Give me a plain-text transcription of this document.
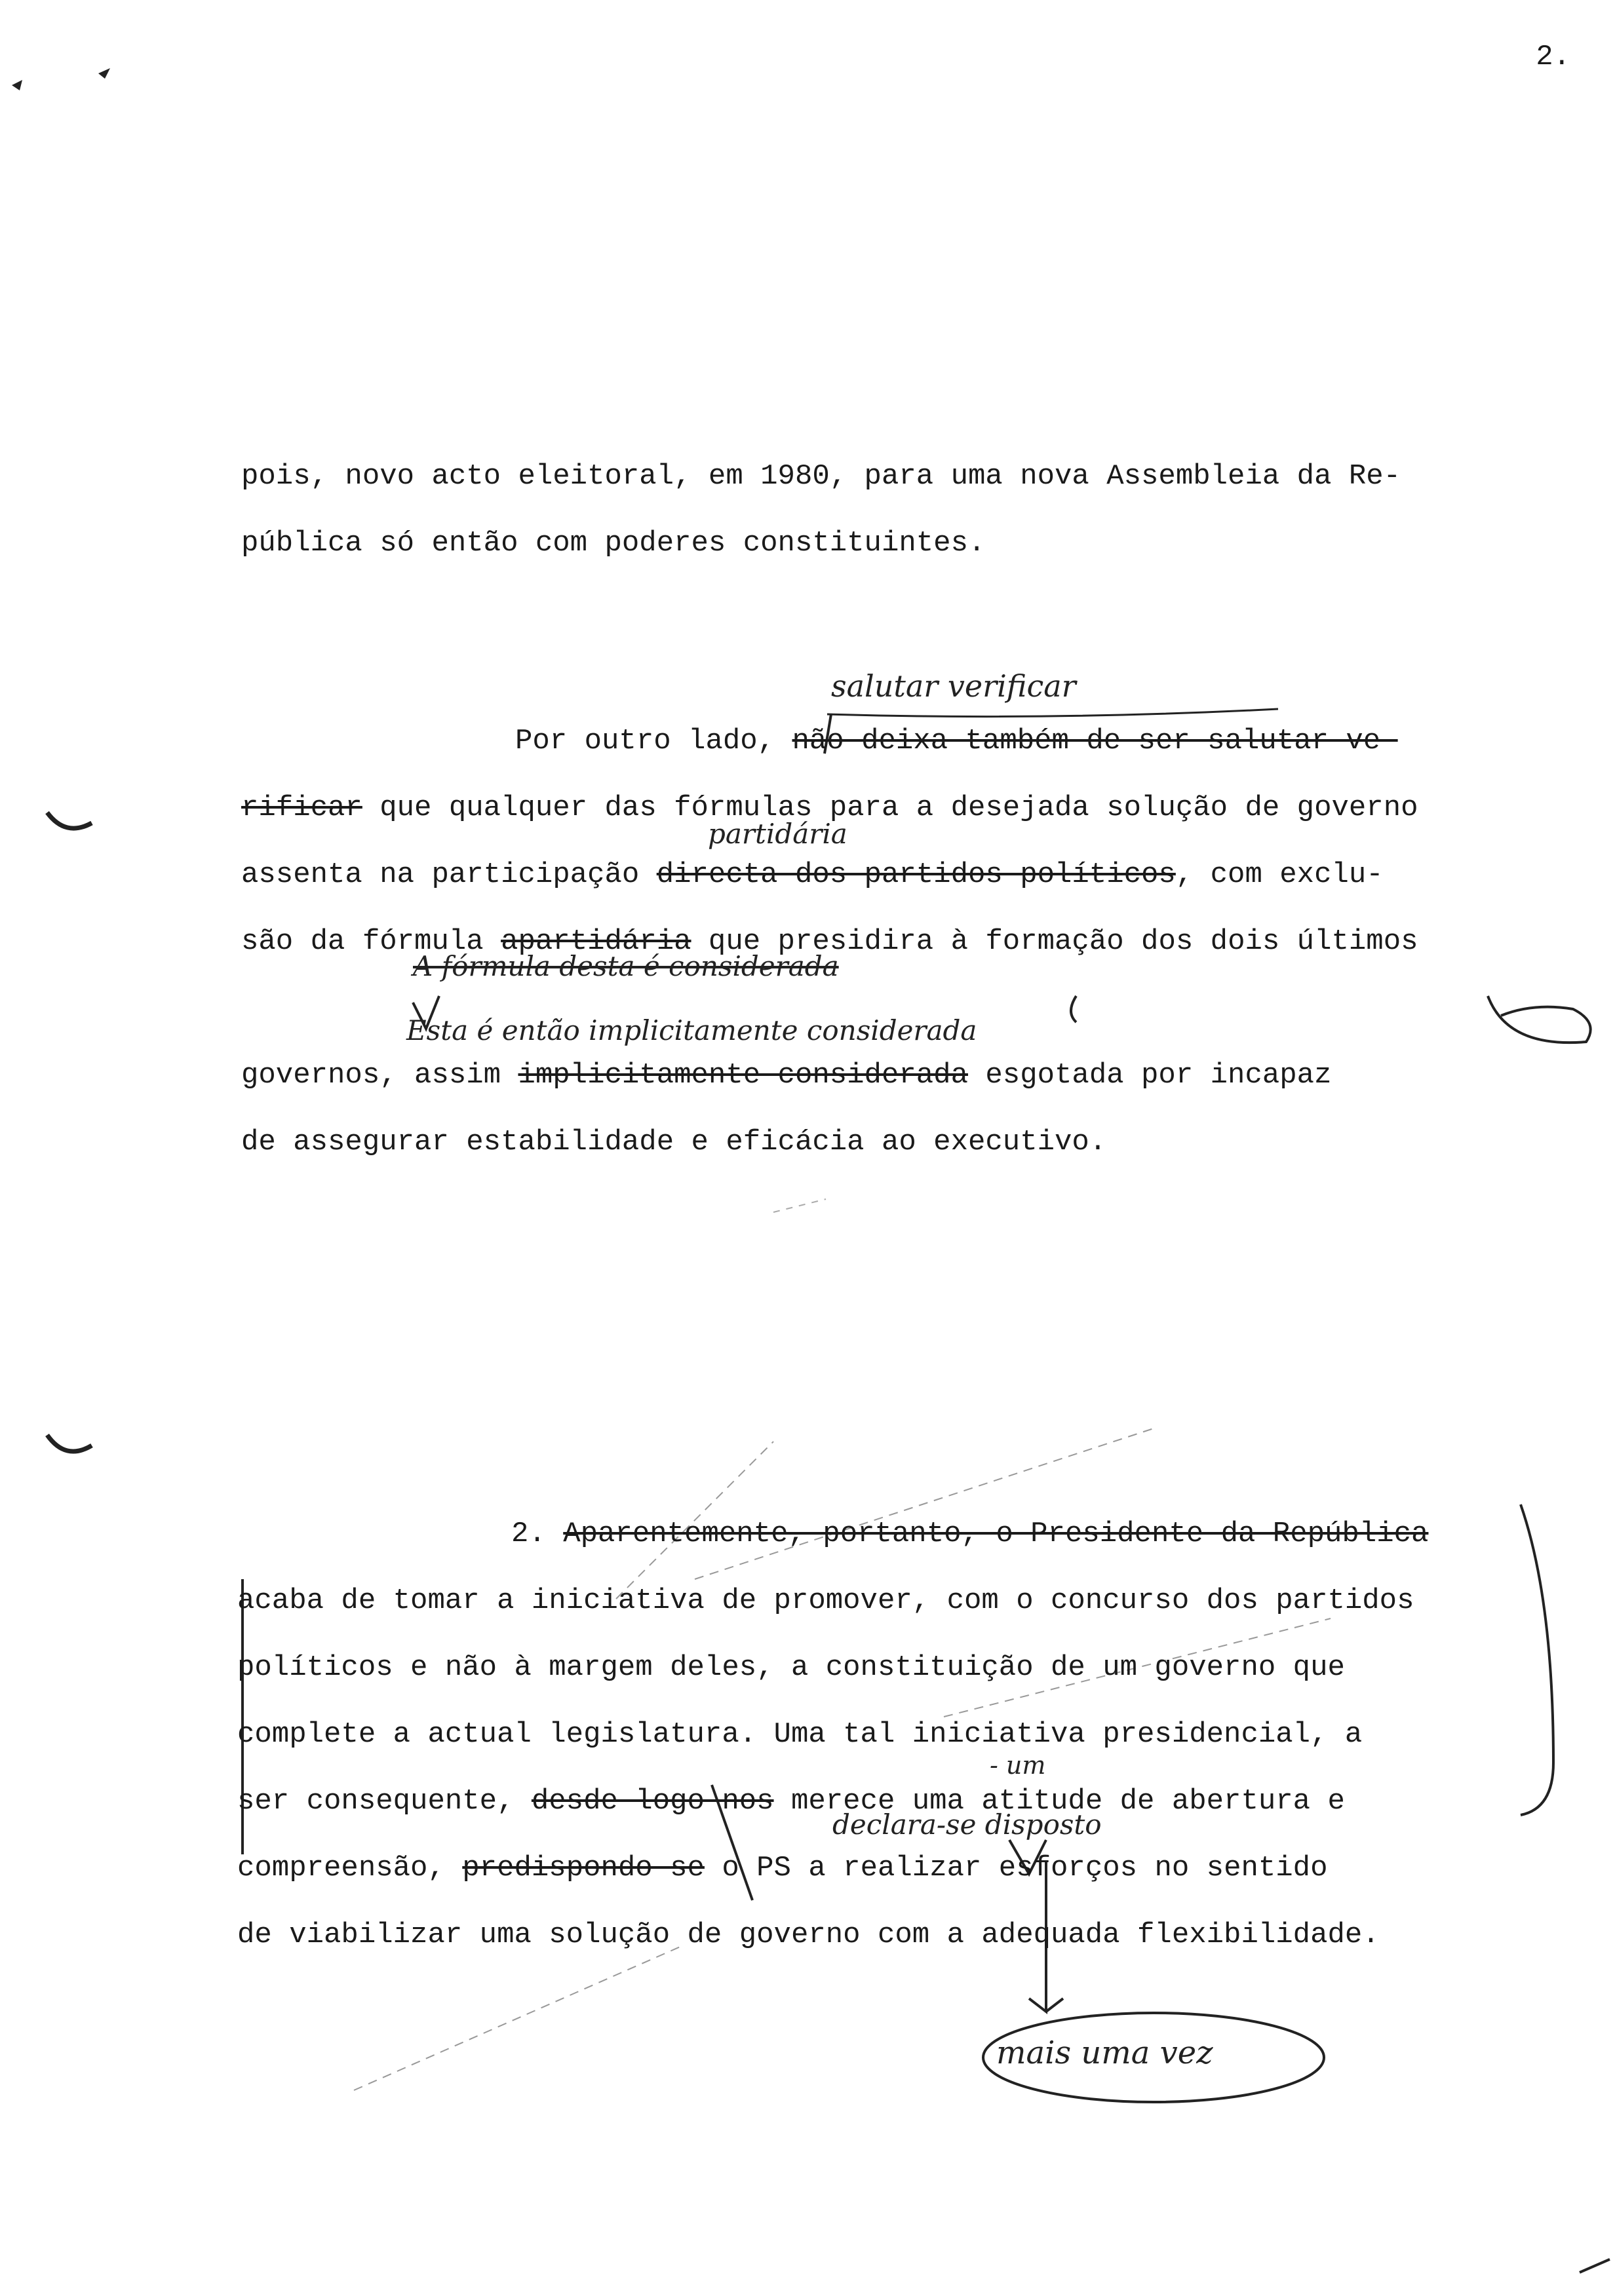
2.
salutar verificar
partidária
A fórmula desta é considerada
Esta é então implicitamente considerada
- um
declara-se disposto
mais uma vez

pois, novo acto eleitoral, em 1980, para uma nova Assembleia da Re-
pública só então com poderes constituintes.

Por outro lado, não deixa também de ser salutar ve-
rificar que qualquer das fórmulas para a desejada solução de governo
assenta na participação directa dos partidos políticos, com exclu-
são da fórmula apartidária que presidira à formação dos dois últimos

governos, assim implicitamente considerada esgotada por incapaz
de assegurar estabilidade e eficácia ao executivo.

2. Aparentemente, portanto, o Presidente da República
acaba de tomar a iniciativa de promover, com o concurso dos partidos
políticos e não à margem deles, a constituição de um governo que
complete a actual legislatura. Uma tal iniciativa presidencial, a
ser consequente, desde logo nos merece uma atitude de abertura e
compreensão, predispondo-se o PS a realizar esforços no sentido
de viabilizar uma solução de governo com a adequada flexibilidade.
